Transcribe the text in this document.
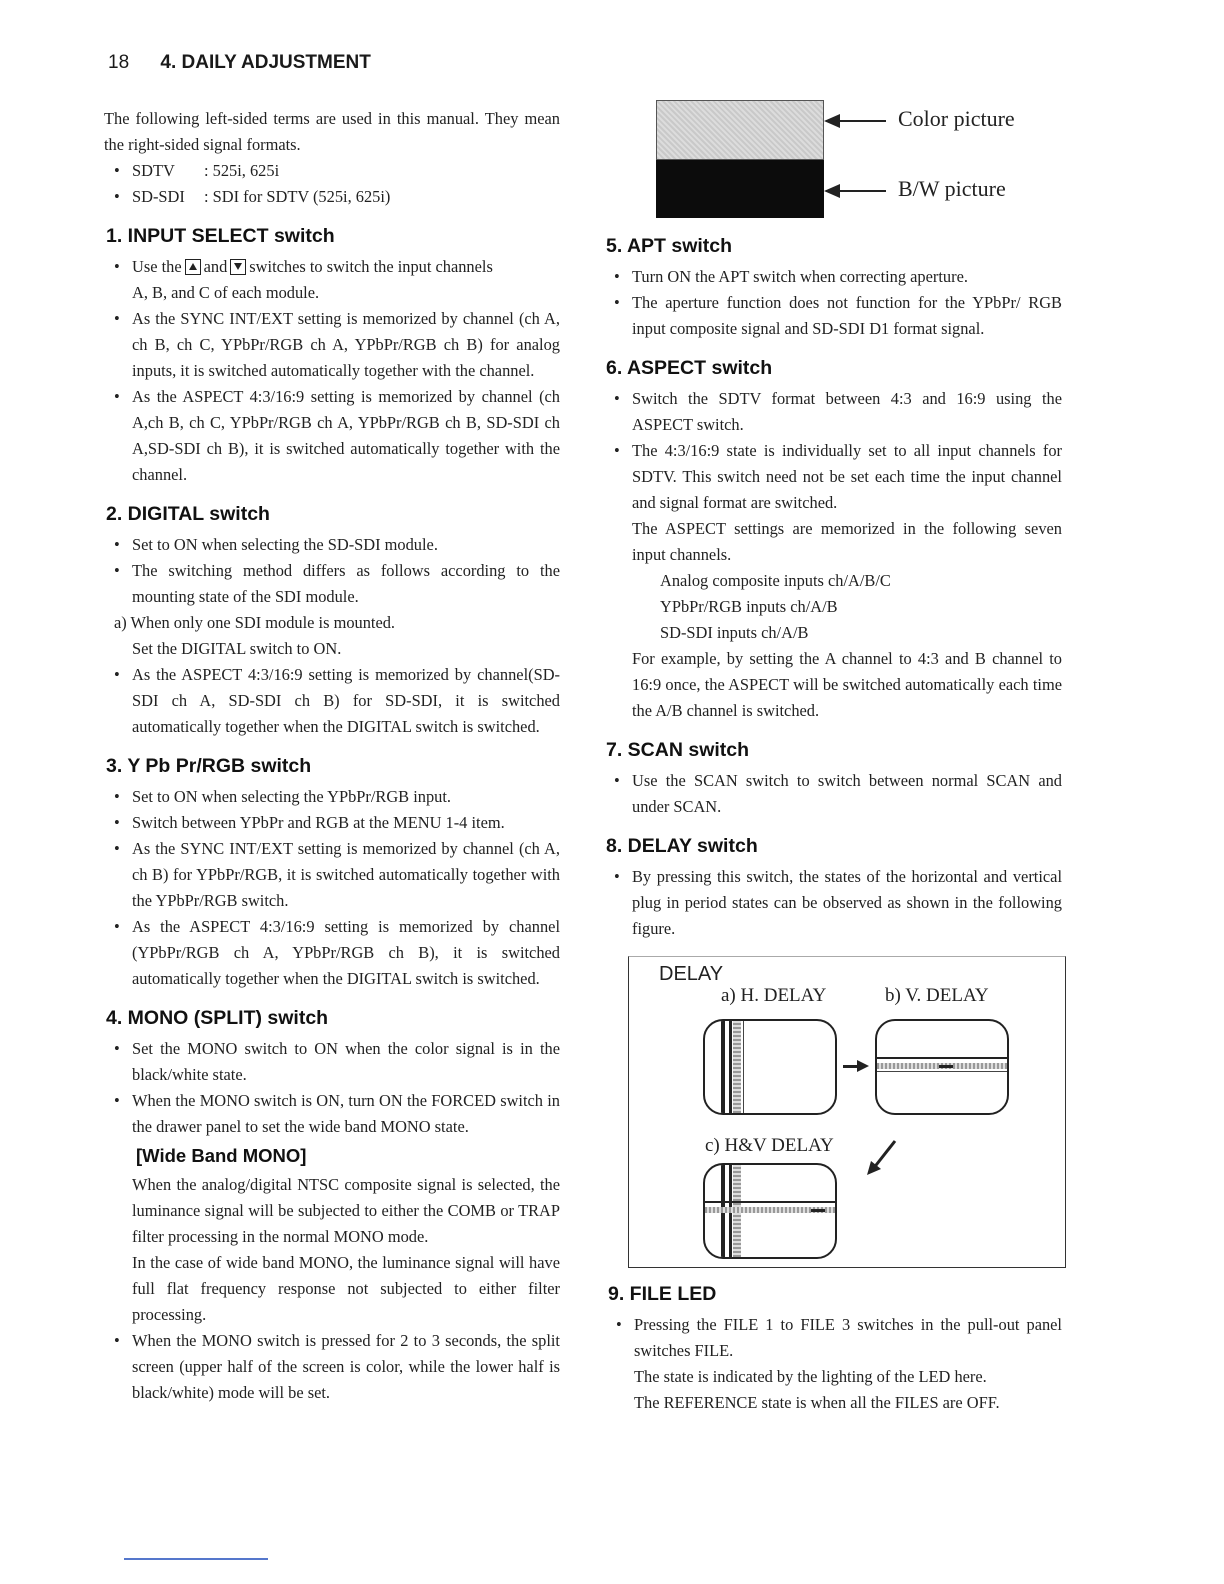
18 4. DAILY ADJUSTMENT

The following left-sided terms are used in this manual. They mean the right-sided signal formats.

• SDTV	: 525i, 625i
• SD-SDI	: SDI for SDTV (525i, 625i)
1. INPUT SELECT switch
• Use the and switches to switch the input channels
A, B, and C of each module.
• As the SYNC INT/EXT setting is memorized by channel (ch A, ch B, ch C, YPbPr/RGB ch A, YPbPr/RGB ch B) for analog inputs, it is switched automatically together with the channel.
• As the ASPECT 4:3/16:9 setting is memorized by channel (ch A,ch B, ch C, YPbPr/RGB ch A, YPbPr/RGB ch B, SD-SDI ch A,SD-SDI ch B), it is switched automatically together with the channel.
2. DIGITAL switch
• Set to ON when selecting the SD-SDI module.
• The switching method differs as follows according to the mounting state of the SDI module.
a) When only one SDI module is mounted.
Set the DIGITAL switch to ON.
• As the ASPECT 4:3/16:9 setting is memorized by channel(SD-SDI ch A, SD-SDI ch B) for SD-SDI, it is switched automatically together when the DIGITAL switch is switched.
3. Y Pb Pr/RGB switch
• Set to ON when selecting the YPbPr/RGB input.
• Switch between YPbPr and RGB at the MENU 1-4 item.
• As the SYNC INT/EXT setting is memorized by channel (ch A, ch B) for YPbPr/RGB, it is switched automatically together with the YPbPr/RGB switch.
• As the ASPECT 4:3/16:9 setting is memorized by channel (YPbPr/RGB ch A, YPbPr/RGB ch B), it is switched automatically together when the DIGITAL switch is switched.
4. MONO (SPLIT) switch
• Set the MONO switch to ON when the color signal is in the black/white state.
• When the MONO switch is ON, turn ON the FORCED switch in the drawer panel to set the wide band MONO state.
[Wide Band MONO]
When the analog/digital NTSC composite signal is selected, the luminance signal will be subjected to either the COMB or TRAP filter processing in the normal MONO mode.
In the case of wide band MONO, the luminance signal will have full flat frequency response not subjected to either filter processing.
• When the MONO switch is pressed for 2 to 3 seconds, the split screen (upper half of the screen is color, while the lower half is black/white) mode will be set.
Color picture
B/W picture
5. APT switch
• Turn ON the APT switch when correcting aperture.
• The aperture function does not function for the YPbPr/ RGB input composite signal and SD-SDI D1 format signal.
6. ASPECT switch
• Switch the SDTV format between 4:3 and 16:9 using the ASPECT switch.
• The 4:3/16:9 state is individually set to all input channels for SDTV. This switch need not be set each time the input channel and signal format are switched.
The ASPECT settings are memorized in the following seven input channels.
Analog composite inputs ch/A/B/C
YPbPr/RGB inputs ch/A/B
SD-SDI inputs ch/A/B
For example, by setting the A channel to 4:3 and B channel to 16:9 once, the ASPECT will be switched automatically each time the A/B channel is switched.
7. SCAN switch
• Use the SCAN switch to switch between normal SCAN and under SCAN.
8. DELAY switch
• By pressing this switch, the states of the horizontal and vertical plug in period states can be observed as shown in the following figure.
DELAY
a) H. DELAY	b) V. DELAY
c) H&V DELAY
9. FILE LED
• Pressing the FILE 1 to FILE 3 switches in the pull-out panel switches FILE.
The state is indicated by the lighting of the LED here.
The REFERENCE state is when all the FILES are OFF.
